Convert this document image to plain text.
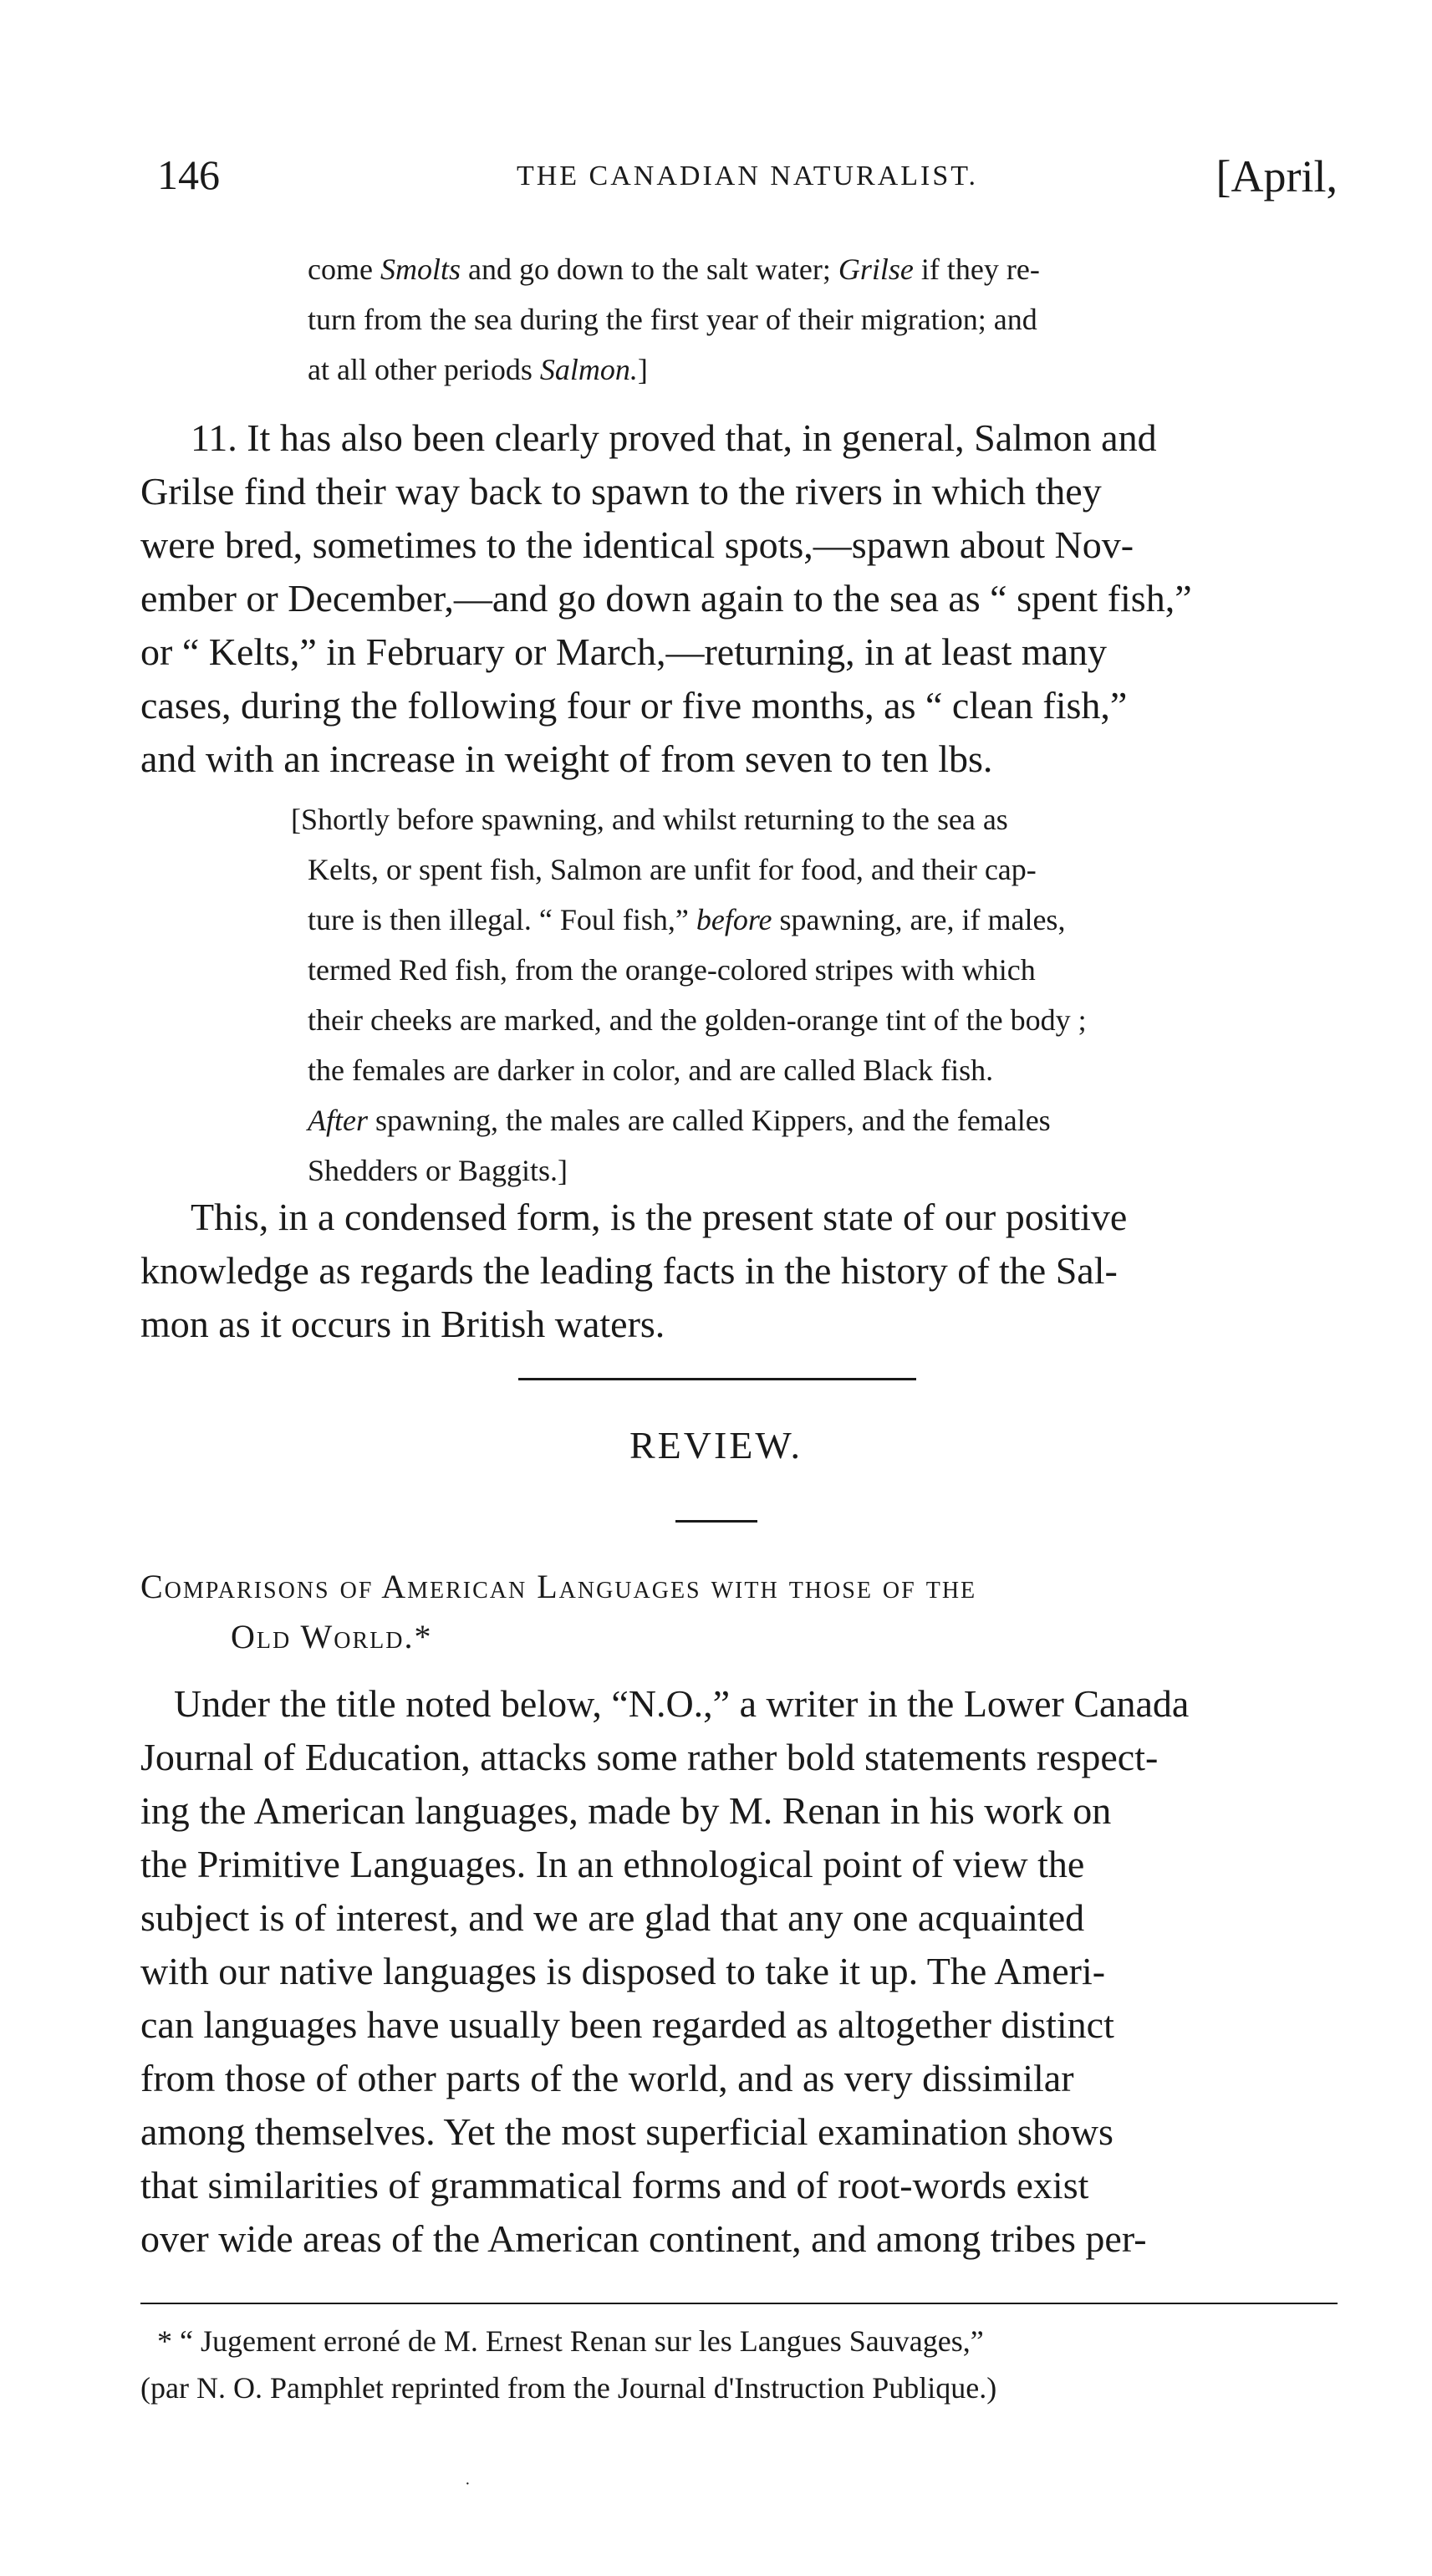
146	THE CANADIAN NATURALIST.	[April,
come Smolts and go down to the salt water; Grilse if they re-
turn from the sea during the first year of their migration; and
at all other periods Salmon.]
11. It has also been clearly proved that, in general, Salmon and
Grilse find their way back to spawn to the rivers in which they
were bred, sometimes to the identical spots,—spawn about Nov-
ember or December,—and go down again to the sea as “ spent fish,”
or “ Kelts,” in February or March,—returning, in at least many
cases, during the following four or five months, as “ clean fish,”
and with an increase in weight of from seven to ten lbs.
[Shortly before spawning, and whilst returning to the sea as
Kelts, or spent fish, Salmon are unfit for food, and their cap-
ture is then illegal. “ Foul fish,” before spawning, are, if males,
termed Red fish, from the orange-colored stripes with which
their cheeks are marked, and the golden-orange tint of the body ;
the females are darker in color, and are called Black fish.
After spawning, the males are called Kippers, and the females
Shedders or Baggits.]
This, in a condensed form, is the present state of our positive
knowledge as regards the leading facts in the history of the Sal-
mon as it occurs in British waters.
REVIEW.
Comparisons of American Languages with those of the
Old World.*
Under the title noted below, “N.O.,” a writer in the Lower Canada
Journal of Education, attacks some rather bold statements respect-
ing the American languages, made by M. Renan in his work on
the Primitive Languages. In an ethnological point of view the
subject is of interest, and we are glad that any one acquainted
with our native languages is disposed to take it up. The Ameri-
can languages have usually been regarded as altogether distinct
from those of other parts of the world, and as very dissimilar
among themselves. Yet the most superficial examination shows
that similarities of grammatical forms and of root-words exist
over wide areas of the American continent, and among tribes per-
* “ Jugement erroné de M. Ernest Renan sur les Langues Sauvages,”
(par N. O. Pamphlet reprinted from the Journal d'Instruction Publique.)
·
